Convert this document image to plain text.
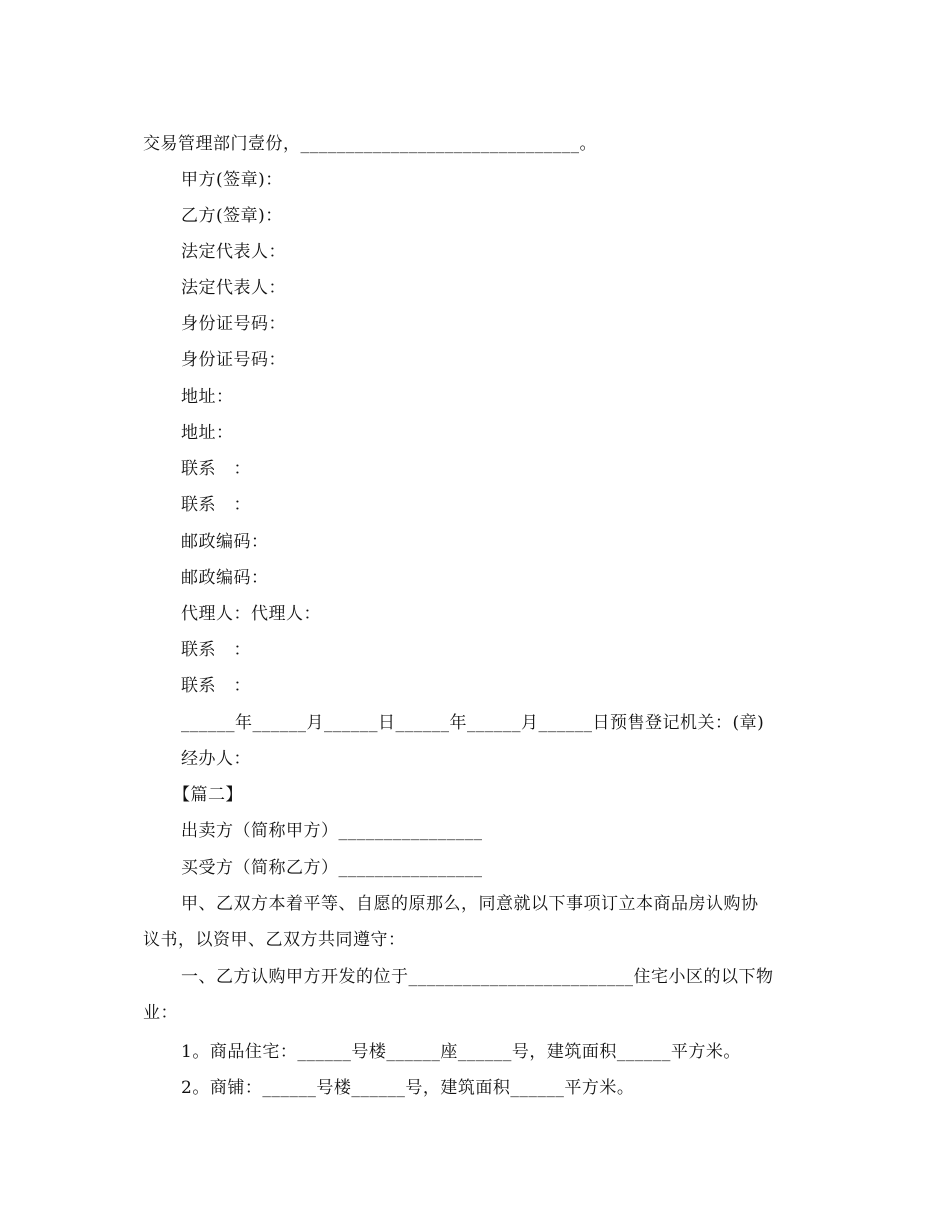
交易管理部门壹份，_______________________________。
甲方(签章)：
乙方(签章)：
法定代表人：
法定代表人：
身份证号码：
身份证号码：
地址：
地址：
联系　：
联系　：
邮政编码：
邮政编码：
代理人：代理人：
联系　：
联系　：
______年______月______日______年______月______日预售登记机关：(章)
经办人：
【篇二】
出卖方（简称甲方）________________
买受方（简称乙方）________________
甲、乙双方本着平等、自愿的原那么，同意就以下事项订立本商品房认购协
议书，以资甲、乙双方共同遵守：
一、乙方认购甲方开发的位于_________________________住宅小区的以下物
业：
1。商品住宅：______号楼______座______号，建筑面积______平方米。
2。商铺：______号楼______号，建筑面积______平方米。
